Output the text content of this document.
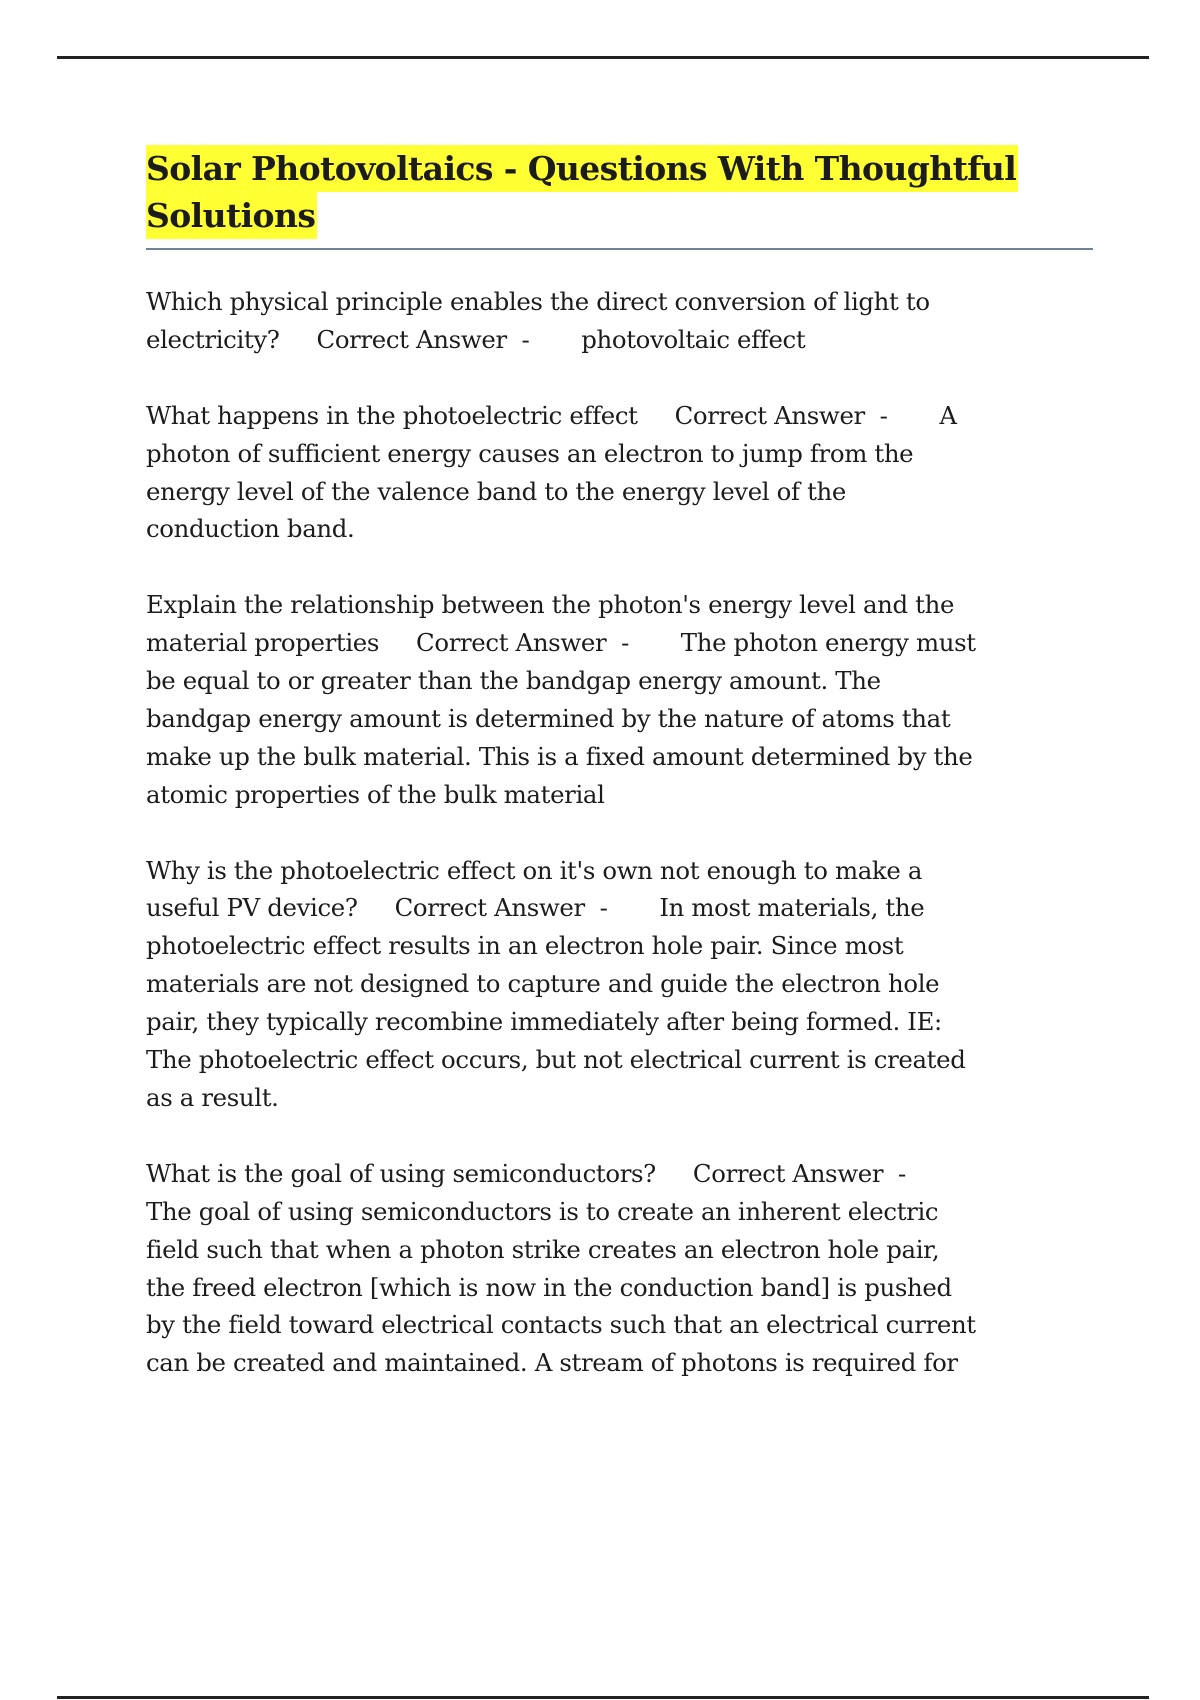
Solar Photovoltaics - Questions With Thoughtful
Solutions

Which physical principle enables the direct conversion of light to
electricity?     Correct Answer  -       photovoltaic effect

What happens in the photoelectric effect     Correct Answer  -       A
photon of sufficient energy causes an electron to jump from the
energy level of the valence band to the energy level of the
conduction band.

Explain the relationship between the photon's energy level and the
material properties     Correct Answer  -       The photon energy must
be equal to or greater than the bandgap energy amount. The
bandgap energy amount is determined by the nature of atoms that
make up the bulk material. This is a fixed amount determined by the
atomic properties of the bulk material

Why is the photoelectric effect on it's own not enough to make a
useful PV device?     Correct Answer  -       In most materials, the
photoelectric effect results in an electron hole pair. Since most
materials are not designed to capture and guide the electron hole
pair, they typically recombine immediately after being formed. IE:
The photoelectric effect occurs, but not electrical current is created
as a result.

What is the goal of using semiconductors?     Correct Answer  -
The goal of using semiconductors is to create an inherent electric
field such that when a photon strike creates an electron hole pair,
the freed electron [which is now in the conduction band] is pushed
by the field toward electrical contacts such that an electrical current
can be created and maintained. A stream of photons is required for
